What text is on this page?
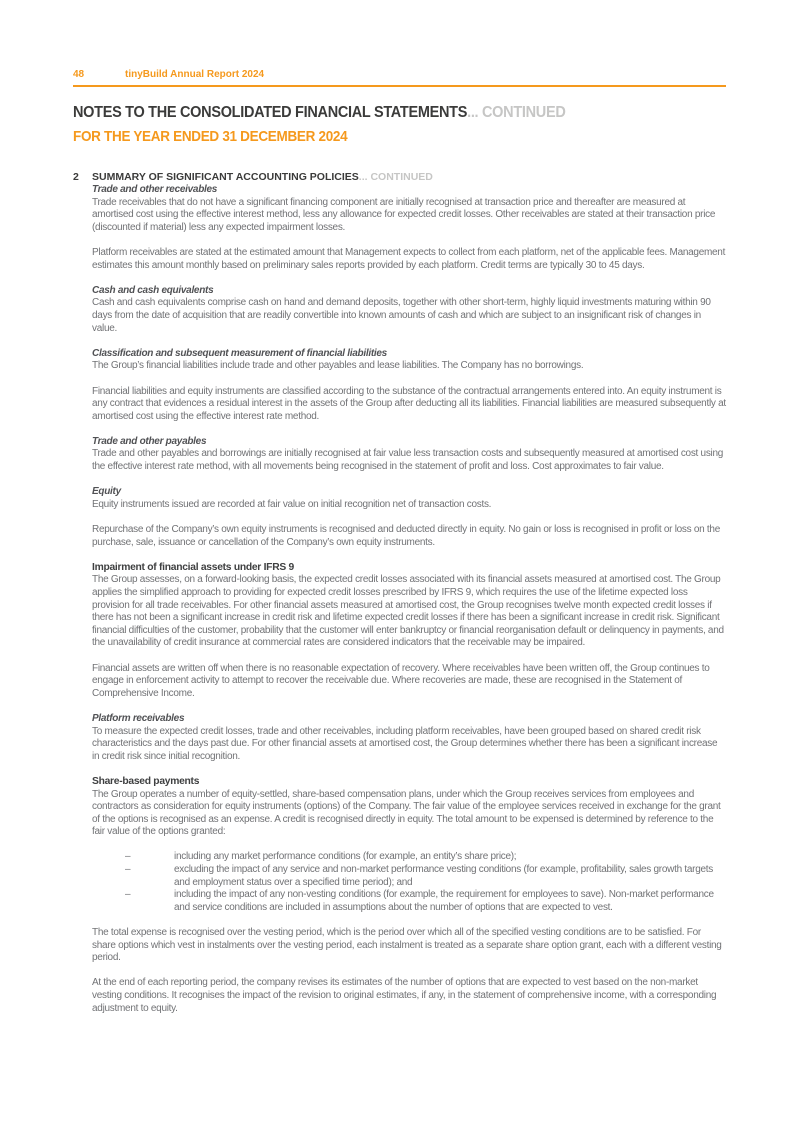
48	tinyBuild Annual Report 2024
NOTES TO THE CONSOLIDATED FINANCIAL STATEMENTS... CONTINUED
FOR THE YEAR ENDED 31 DECEMBER 2024
2	SUMMARY OF SIGNIFICANT ACCOUNTING POLICIES... CONTINUED

Trade and other receivables

Trade receivables that do not have a significant financing component are initially recognised at transaction price and thereafter are measured at amortised cost using the effective interest method, less any allowance for expected credit losses. Other receivables are stated at their transaction price (discounted if material) less any expected impairment losses.

Platform receivables are stated at the estimated amount that Management expects to collect from each platform, net of the applicable fees. Management estimates this amount monthly based on preliminary sales reports provided by each platform. Credit terms are typically 30 to 45 days.

Cash and cash equivalents

Cash and cash equivalents comprise cash on hand and demand deposits, together with other short-term, highly liquid investments maturing within 90 days from the date of acquisition that are readily convertible into known amounts of cash and which are subject to an insignificant risk of changes in value.

Classification and subsequent measurement of financial liabilities

The Group’s financial liabilities include trade and other payables and lease liabilities. The Company has no borrowings.

Financial liabilities and equity instruments are classified according to the substance of the contractual arrangements entered into. An equity instrument is any contract that evidences a residual interest in the assets of the Group after deducting all its liabilities. Financial liabilities are measured subsequently at amortised cost using the effective interest rate method.

Trade and other payables

Trade and other payables and borrowings are initially recognised at fair value less transaction costs and subsequently measured at amortised cost using the effective interest rate method, with all movements being recognised in the statement of profit and loss. Cost approximates to fair value.

Equity

Equity instruments issued are recorded at fair value on initial recognition net of transaction costs.

Repurchase of the Company’s own equity instruments is recognised and deducted directly in equity. No gain or loss is recognised in profit or loss on the purchase, sale, issuance or cancellation of the Company’s own equity instruments.

Impairment of financial assets under IFRS 9

The Group assesses, on a forward-looking basis, the expected credit losses associated with its financial assets measured at amortised cost. The Group applies the simplified approach to providing for expected credit losses prescribed by IFRS 9, which requires the use of the lifetime expected loss provision for all trade receivables. For other financial assets measured at amortised cost, the Group recognises twelve month expected credit losses if there has not been a significant increase in credit risk and lifetime expected credit losses if there has been a significant increase in credit risk. Significant financial difficulties of the customer, probability that the customer will enter bankruptcy or financial reorganisation default or delinquency in payments, and the unavailability of credit insurance at commercial rates are considered indicators that the receivable may be impaired.

Financial assets are written off when there is no reasonable expectation of recovery. Where receivables have been written off, the Group continues to engage in enforcement activity to attempt to recover the receivable due. Where recoveries are made, these are recognised in the Statement of Comprehensive Income.

Platform receivables

To measure the expected credit losses, trade and other receivables, including platform receivables, have been grouped based on shared credit risk characteristics and the days past due. For other financial assets at amortised cost, the Group determines whether there has been a significant increase in credit risk since initial recognition.

Share-based payments

The Group operates a number of equity-settled, share-based compensation plans, under which the Group receives services from employees and contractors as consideration for equity instruments (options) of the Company. The fair value of the employee services received in exchange for the grant of the options is recognised as an expense. A credit is recognised directly in equity. The total amount to be expensed is determined by reference to the fair value of the options granted:

–	including any market performance conditions (for example, an entity’s share price);
–	excluding the impact of any service and non-market performance vesting conditions (for example, profitability, sales growth targets and employment status over a specified time period); and
–	including the impact of any non-vesting conditions (for example, the requirement for employees to save). Non-market performance and service conditions are included in assumptions about the number of options that are expected to vest.

The total expense is recognised over the vesting period, which is the period over which all of the specified vesting conditions are to be satisfied. For share options which vest in instalments over the vesting period, each instalment is treated as a separate share option grant, each with a different vesting period.

At the end of each reporting period, the company revises its estimates of the number of options that are expected to vest based on the non-market vesting conditions. It recognises the impact of the revision to original estimates, if any, in the statement of comprehensive income, with a corresponding adjustment to equity.
